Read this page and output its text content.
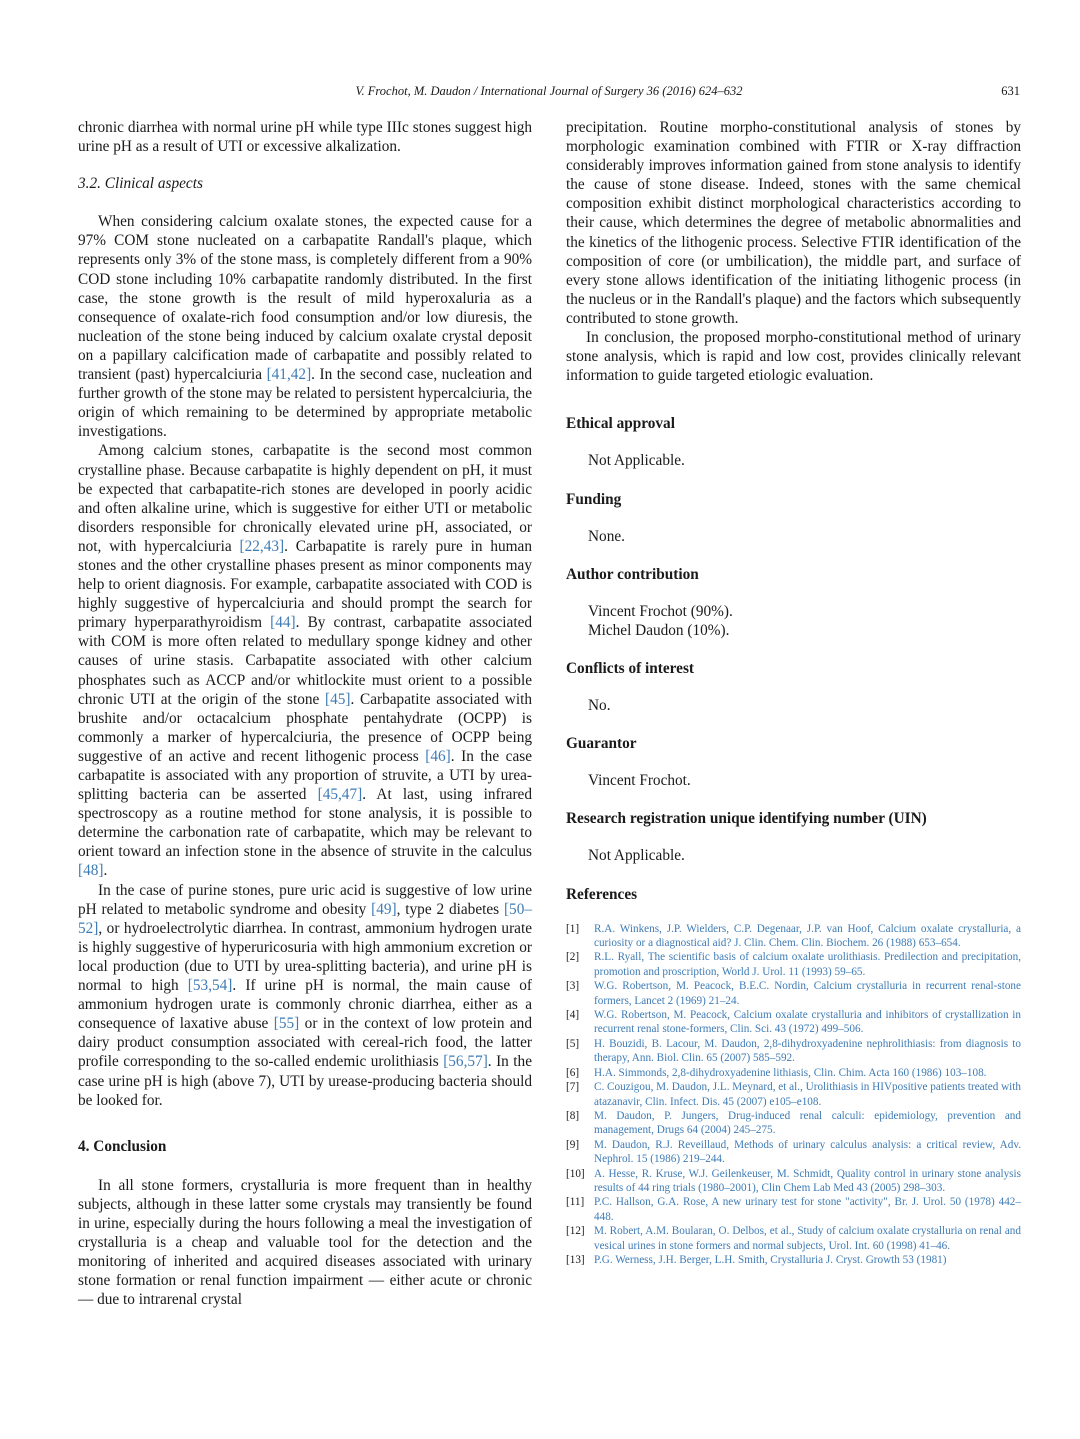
V. Frochot, M. Daudon / International Journal of Surgery 36 (2016) 624–632	631

chronic diarrhea with normal urine pH while type IIIc stones suggest high urine pH as a result of UTI or excessive alkalization.

3.2. Clinical aspects

When considering calcium oxalate stones, the expected cause for a 97% COM stone nucleated on a carbapatite Randall's plaque, which represents only 3% of the stone mass, is completely different from a 90% COD stone including 10% carbapatite randomly distributed. In the first case, the stone growth is the result of mild hyperoxaluria as a consequence of oxalate-rich food consumption and/or low diuresis, the nucleation of the stone being induced by calcium oxalate crystal deposit on a papillary calcification made of carbapatite and possibly related to transient (past) hypercalciuria [41,42]. In the second case, nucleation and further growth of the stone may be related to persistent hypercalciuria, the origin of which remaining to be determined by appropriate metabolic investigations.

Among calcium stones, carbapatite is the second most common crystalline phase. Because carbapatite is highly dependent on pH, it must be expected that carbapatite-rich stones are developed in poorly acidic and often alkaline urine, which is suggestive for either UTI or metabolic disorders responsible for chronically elevated urine pH, associated, or not, with hypercalciuria [22,43]. Carbapatite is rarely pure in human stones and the other crystalline phases present as minor components may help to orient diagnosis. For example, carbapatite associated with COD is highly suggestive of hypercalciuria and should prompt the search for primary hyperparathyroidism [44]. By contrast, carbapatite associated with COM is more often related to medullary sponge kidney and other causes of urine stasis. Carbapatite associated with other calcium phosphates such as ACCP and/or whitlockite must orient to a possible chronic UTI at the origin of the stone [45]. Carbapatite associated with brushite and/or octacalcium phosphate pentahydrate (OCPP) is commonly a marker of hypercalciuria, the presence of OCPP being suggestive of an active and recent lithogenic process [46]. In the case carbapatite is associated with any proportion of struvite, a UTI by urea-splitting bacteria can be asserted [45,47]. At last, using infrared spectroscopy as a routine method for stone analysis, it is possible to determine the carbonation rate of carbapatite, which may be relevant to orient toward an infection stone in the absence of struvite in the calculus [48].

In the case of purine stones, pure uric acid is suggestive of low urine pH related to metabolic syndrome and obesity [49], type 2 diabetes [50–52], or hydroelectrolytic diarrhea. In contrast, ammonium hydrogen urate is highly suggestive of hyperuricosuria with high ammonium excretion or local production (due to UTI by urea-splitting bacteria), and urine pH is normal to high [53,54]. If urine pH is normal, the main cause of ammonium hydrogen urate is commonly chronic diarrhea, either as a consequence of laxative abuse [55] or in the context of low protein and dairy product consumption associated with cereal-rich food, the latter profile corresponding to the so-called endemic urolithiasis [56,57]. In the case urine pH is high (above 7), UTI by urease-producing bacteria should be looked for.

4. Conclusion

In all stone formers, crystalluria is more frequent than in healthy subjects, although in these latter some crystals may transiently be found in urine, especially during the hours following a meal the investigation of crystalluria is a cheap and valuable tool for the detection and the monitoring of inherited and acquired diseases associated with urinary stone formation or renal function impairment — either acute or chronic — due to intrarenal crystal

precipitation. Routine morpho-constitutional analysis of stones by morphologic examination combined with FTIR or X-ray diffraction considerably improves information gained from stone analysis to identify the cause of stone disease. Indeed, stones with the same chemical composition exhibit distinct morphological characteristics according to their cause, which determines the degree of metabolic abnormalities and the kinetics of the lithogenic process. Selective FTIR identification of the composition of core (or umbilication), the middle part, and surface of every stone allows identification of the initiating lithogenic process (in the nucleus or in the Randall's plaque) and the factors which subsequently contributed to stone growth.

In conclusion, the proposed morpho-constitutional method of urinary stone analysis, which is rapid and low cost, provides clinically relevant information to guide targeted etiologic evaluation.

Ethical approval
Not Applicable.
Funding
None.
Author contribution
Vincent Frochot (90%).
Michel Daudon (10%).
Conflicts of interest
No.
Guarantor
Vincent Frochot.
Research registration unique identifying number (UIN)
Not Applicable.
References
[1]	R.A. Winkens, J.P. Wielders, C.P. Degenaar, J.P. van Hoof, Calcium oxalate crystalluria, a curiosity or a diagnostical aid? J. Clin. Chem. Clin. Biochem. 26 (1988) 653–654.
[2]	R.L. Ryall, The scientific basis of calcium oxalate urolithiasis. Predilection and precipitation, promotion and proscription, World J. Urol. 11 (1993) 59–65.
[3]	W.G. Robertson, M. Peacock, B.E.C. Nordin, Calcium crystalluria in recurrent renal-stone formers, Lancet 2 (1969) 21–24.
[4]	W.G. Robertson, M. Peacock, Calcium oxalate crystalluria and inhibitors of crystallization in recurrent renal stone-formers, Clin. Sci. 43 (1972) 499–506.
[5]	H. Bouzidi, B. Lacour, M. Daudon, 2,8-dihydroxyadenine nephrolithiasis: from diagnosis to therapy, Ann. Biol. Clin. 65 (2007) 585–592.
[6]	H.A. Simmonds, 2,8-dihydroxyadenine lithiasis, Clin. Chim. Acta 160 (1986) 103–108.
[7]	C. Couzigou, M. Daudon, J.L. Meynard, et al., Urolithiasis in HIVpositive patients treated with atazanavir, Clin. Infect. Dis. 45 (2007) e105–e108.
[8]	M. Daudon, P. Jungers, Drug-induced renal calculi: epidemiology, prevention and management, Drugs 64 (2004) 245–275.
[9]	M. Daudon, R.J. Reveillaud, Methods of urinary calculus analysis: a critical review, Adv. Nephrol. 15 (1986) 219–244.
[10] A. Hesse, R. Kruse, W.J. Geilenkeuser, M. Schmidt, Quality control in urinary stone analysis results of 44 ring trials (1980–2001), Clin Chem Lab Med 43 (2005) 298–303.
[11] P.C. Hallson, G.A. Rose, A new urinary test for stone "activity", Br. J. Urol. 50 (1978) 442–448.
[12] M. Robert, A.M. Boularan, O. Delbos, et al., Study of calcium oxalate crystalluria on renal and vesical urines in stone formers and normal subjects, Urol. Int. 60 (1998) 41–46.
[13] P.G. Werness, J.H. Berger, L.H. Smith, Crystalluria J. Cryst. Growth 53 (1981)
